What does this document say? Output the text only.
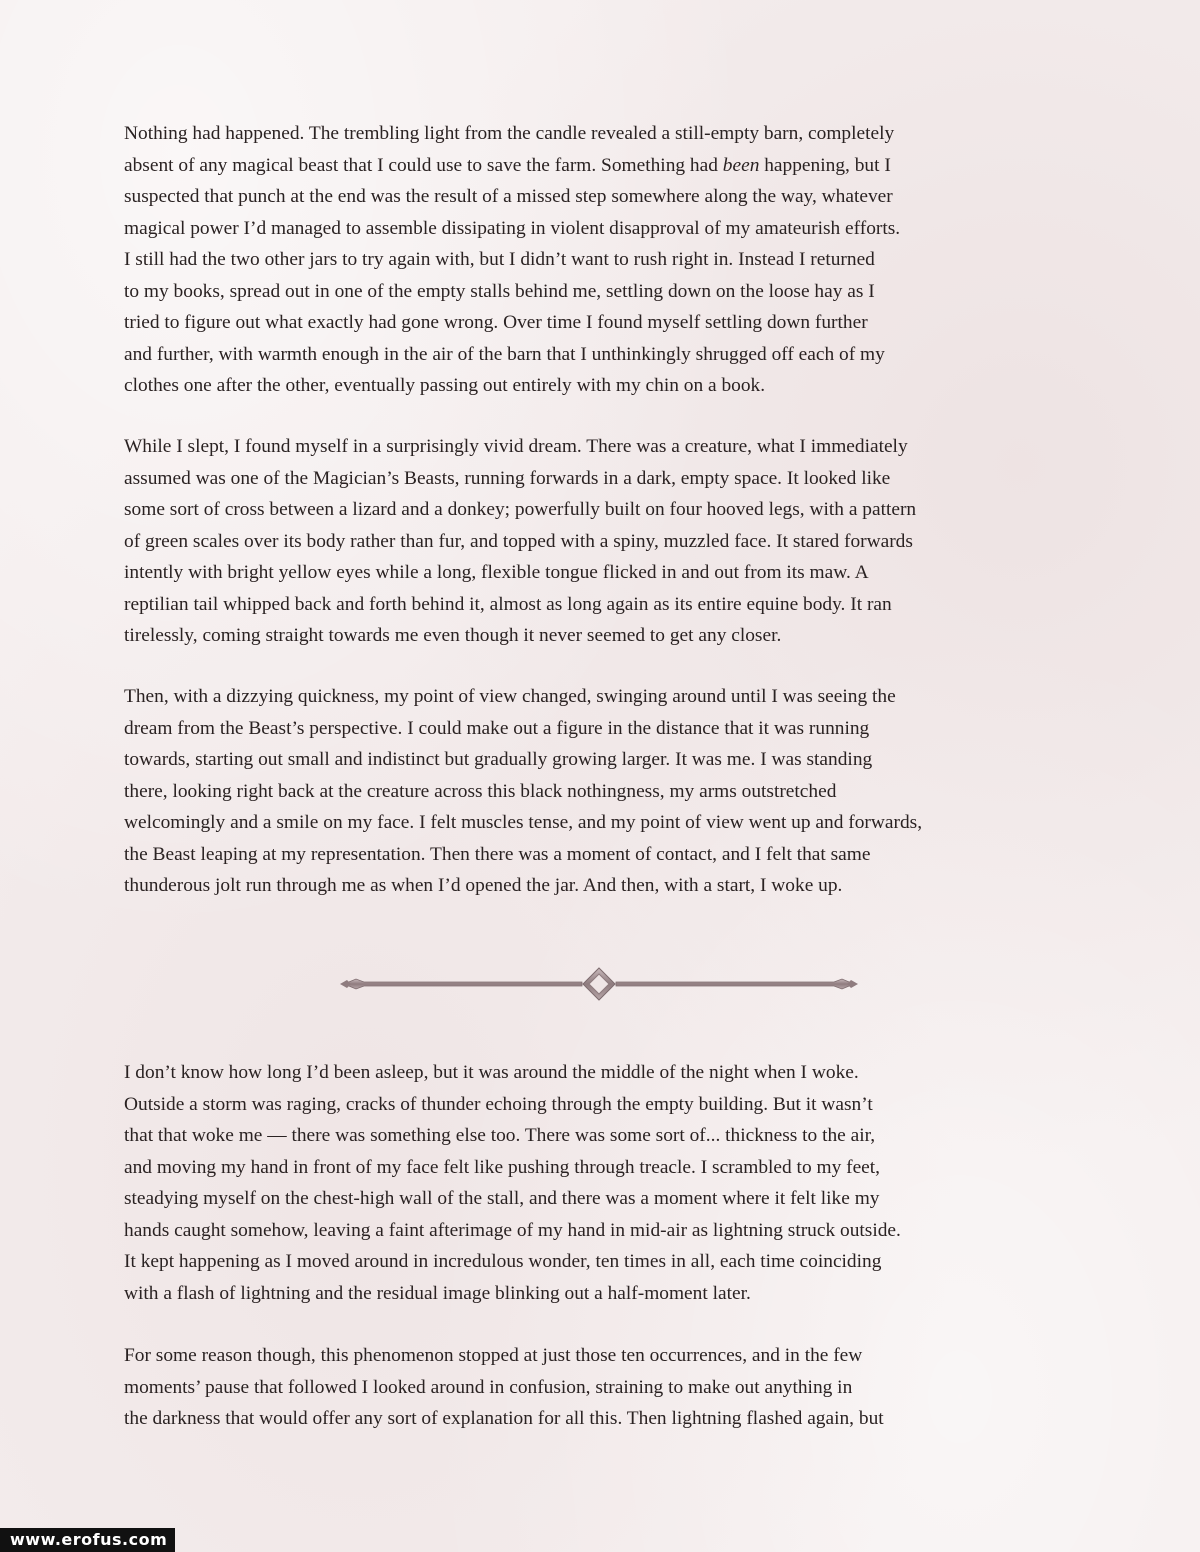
Nothing had happened. The trembling light from the candle revealed a still-empty barn, completely
absent of any magical beast that I could use to save the farm. Something had been happening, but I
suspected that punch at the end was the result of a missed step somewhere along the way, whatever
magical power I’d managed to assemble dissipating in violent disapproval of my amateurish efforts.
I still had the two other jars to try again with, but I didn’t want to rush right in. Instead I returned
to my books, spread out in one of the empty stalls behind me, settling down on the loose hay as I
tried to figure out what exactly had gone wrong. Over time I found myself settling down further
and further, with warmth enough in the air of the barn that I unthinkingly shrugged off each of my
clothes one after the other, eventually passing out entirely with my chin on a book.

While I slept, I found myself in a surprisingly vivid dream. There was a creature, what I immediately
assumed was one of the Magician’s Beasts, running forwards in a dark, empty space. It looked like
some sort of cross between a lizard and a donkey; powerfully built on four hooved legs, with a pattern
of green scales over its body rather than fur, and topped with a spiny, muzzled face. It stared forwards
intently with bright yellow eyes while a long, flexible tongue flicked in and out from its maw. A
reptilian tail whipped back and forth behind it, almost as long again as its entire equine body. It ran
tirelessly, coming straight towards me even though it never seemed to get any closer.

Then, with a dizzying quickness, my point of view changed, swinging around until I was seeing the
dream from the Beast’s perspective. I could make out a figure in the distance that it was running
towards, starting out small and indistinct but gradually growing larger. It was me. I was standing
there, looking right back at the creature across this black nothingness, my arms outstretched
welcomingly and a smile on my face. I felt muscles tense, and my point of view went up and forwards,
the Beast leaping at my representation. Then there was a moment of contact, and I felt that same
thunderous jolt run through me as when I’d opened the jar. And then, with a start, I woke up.

I don’t know how long I’d been asleep, but it was around the middle of the night when I woke.
Outside a storm was raging, cracks of thunder echoing through the empty building. But it wasn’t
that that woke me — there was something else too. There was some sort of... thickness to the air,
and moving my hand in front of my face felt like pushing through treacle. I scrambled to my feet,
steadying myself on the chest-high wall of the stall, and there was a moment where it felt like my
hands caught somehow, leaving a faint afterimage of my hand in mid-air as lightning struck outside.
It kept happening as I moved around in incredulous wonder, ten times in all, each time coinciding
with a flash of lightning and the residual image blinking out a half-moment later.

For some reason though, this phenomenon stopped at just those ten occurrences, and in the few
moments’ pause that followed I looked around in confusion, straining to make out anything in
the darkness that would offer any sort of explanation for all this. Then lightning flashed again, but

www.erofus.com
